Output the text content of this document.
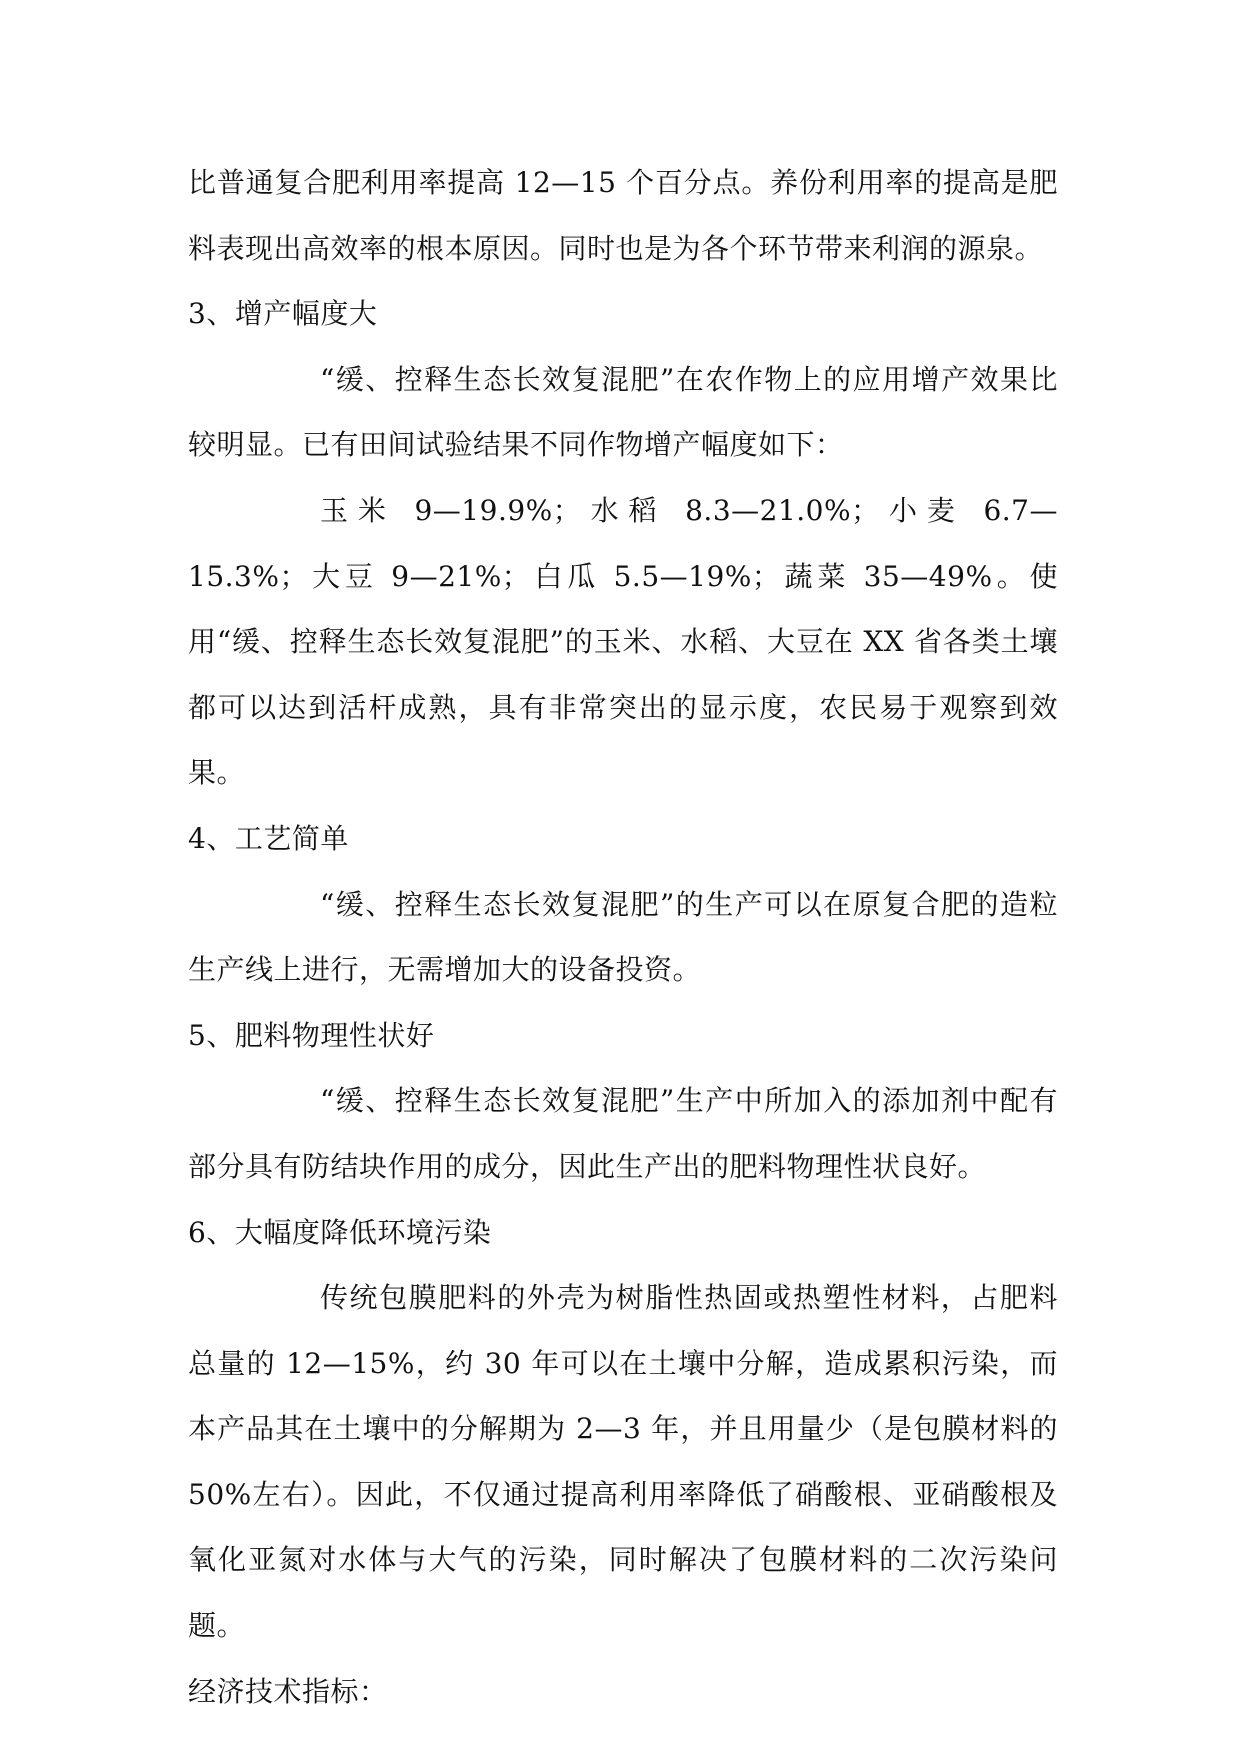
比普通复合肥利用率提高 12—15 个百分点。养份利用率的提高是肥料表现出高效率的根本原因。同时也是为各个环节带来利润的源泉。

3、增产幅度大

“缓、控释生态长效复混肥”在农作物上的应用增产效果比较明显。已有田间试验结果不同作物增产幅度如下：

玉米 9—19.9%；水稻 8.3—21.0%；小麦 6.7—15.3%；大豆 9—21%；白瓜 5.5—19%；蔬菜 35—49%。使用“缓、控释生态长效复混肥”的玉米、水稻、大豆在 XX 省各类土壤都可以达到活杆成熟，具有非常突出的显示度，农民易于观察到效果。

4、工艺简单

“缓、控释生态长效复混肥”的生产可以在原复合肥的造粒生产线上进行，无需增加大的设备投资。

5、肥料物理性状好

“缓、控释生态长效复混肥”生产中所加入的添加剂中配有部分具有防结块作用的成分，因此生产出的肥料物理性状良好。

6、大幅度降低环境污染

传统包膜肥料的外壳为树脂性热固或热塑性材料，占肥料总量的 12—15%，约 30 年可以在土壤中分解，造成累积污染，而本产品其在土壤中的分解期为 2—3 年，并且用量少（是包膜材料的 50%左右）。因此，不仅通过提高利用率降低了硝酸根、亚硝酸根及氧化亚氮对水体与大气的污染，同时解决了包膜材料的二次污染问题。

经济技术指标：
